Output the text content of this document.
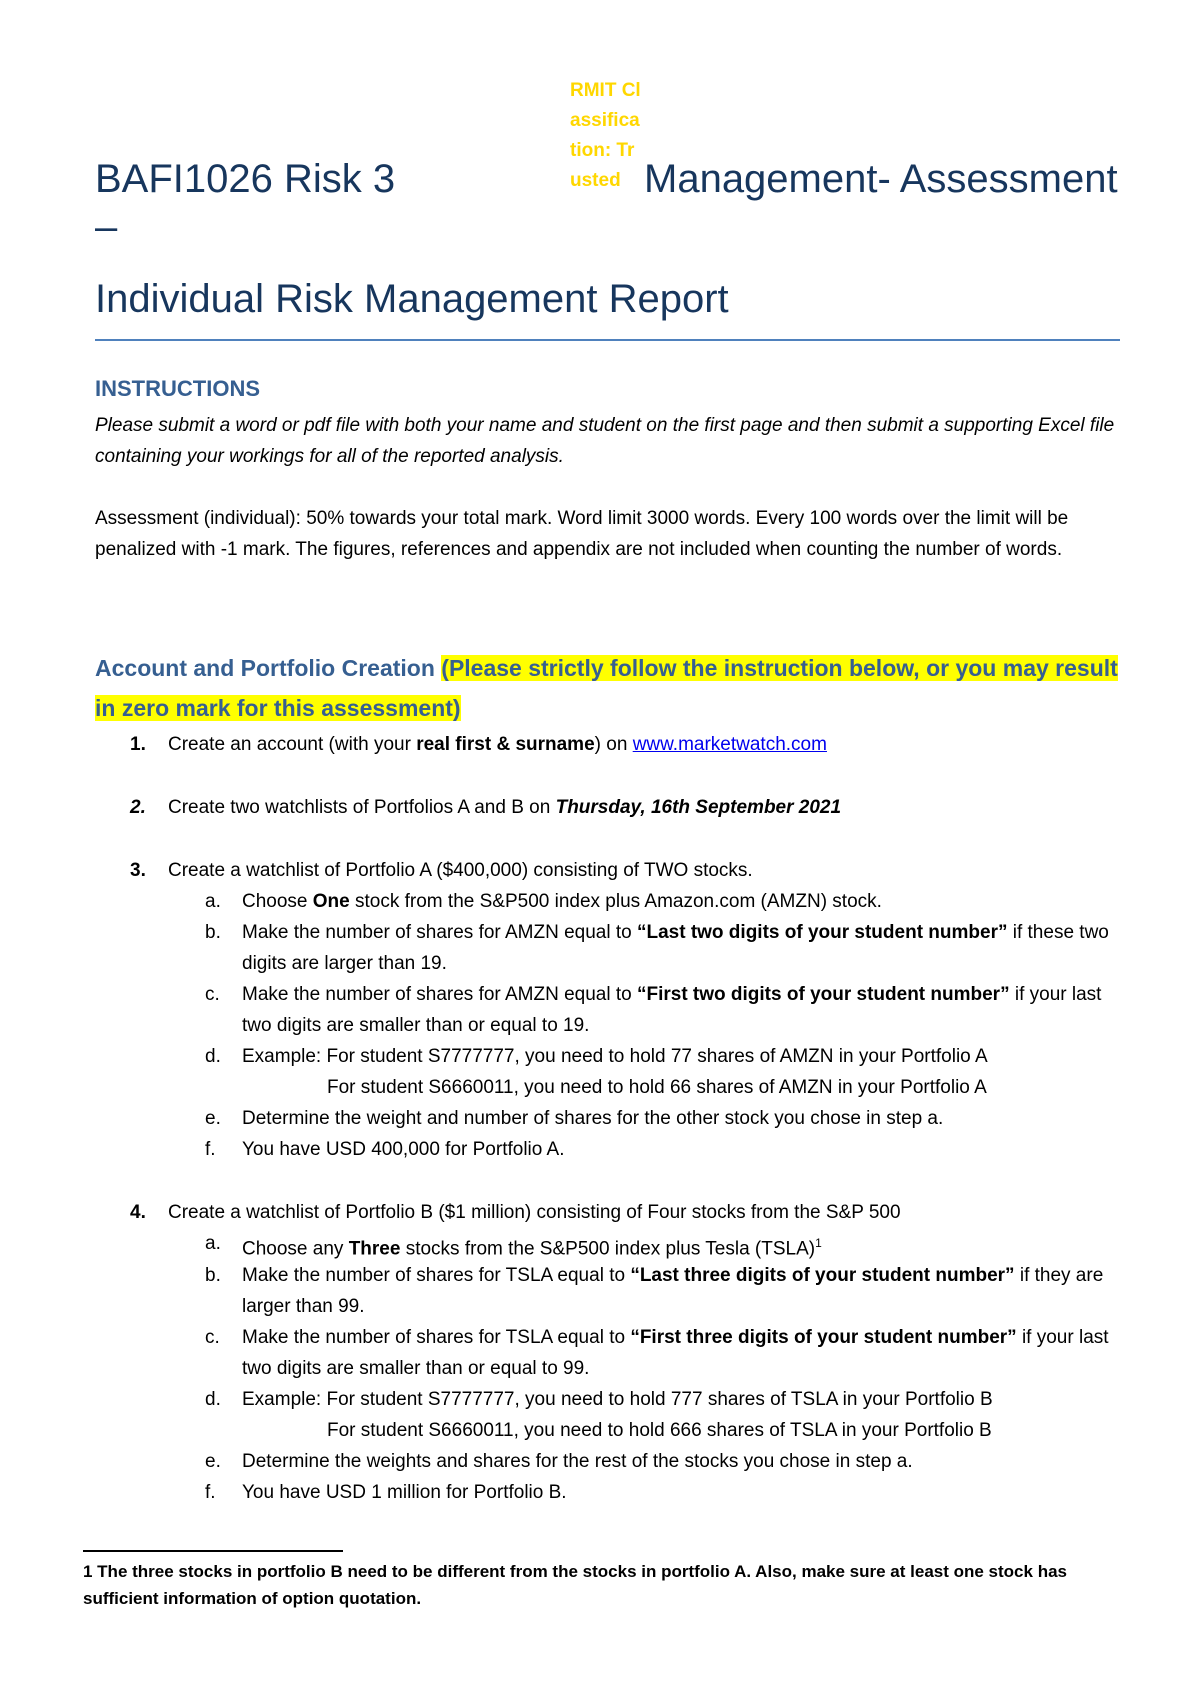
BAFI1026 Risk 3 –
RMIT Classification: Trusted Management- Assessment
Individual Risk Management Report
INSTRUCTIONS
Please submit a word or pdf file with both your name and student on the first page and then submit a supporting Excel file containing your workings for all of the reported analysis.
Assessment (individual): 50% towards your total mark. Word limit 3000 words. Every 100 words over the limit will be penalized with -1 mark. The figures, references and appendix are not included when counting the number of words.
Account and Portfolio Creation (Please strictly follow the instruction below, or you may result in zero mark for this assessment)
1. Create an account (with your real first & surname) on www.marketwatch.com
2. Create two watchlists of Portfolios A and B on Thursday, 16th September 2021
3. Create a watchlist of Portfolio A ($400,000) consisting of TWO stocks.
a. Choose One stock from the S&P500 index plus Amazon.com (AMZN) stock.
b. Make the number of shares for AMZN equal to “Last two digits of your student number” if these two digits are larger than 19.
c. Make the number of shares for AMZN equal to “First two digits of your student number” if your last two digits are smaller than or equal to 19.
d. Example: For student S7777777, you need to hold 77 shares of AMZN in your Portfolio A
For student S6660011, you need to hold 66 shares of AMZN in your Portfolio A
e. Determine the weight and number of shares for the other stock you chose in step a.
f. You have USD 400,000 for Portfolio A.
4. Create a watchlist of Portfolio B ($1 million) consisting of Four stocks from the S&P 500
a. Choose any Three stocks from the S&P500 index plus Tesla (TSLA)$^1$
b. Make the number of shares for TSLA equal to “Last three digits of your student number” if they are larger than 99.
c. Make the number of shares for TSLA equal to “First three digits of your student number” if your last two digits are smaller than or equal to 99.
d. Example: For student S7777777, you need to hold 777 shares of TSLA in your Portfolio B
For student S6660011, you need to hold 666 shares of TSLA in your Portfolio B
e. Determine the weights and shares for the rest of the stocks you chose in step a.
f. You have USD 1 million for Portfolio B.
1 The three stocks in portfolio B need to be different from the stocks in portfolio A. Also, make sure at least one stock has sufficient information of option quotation.
